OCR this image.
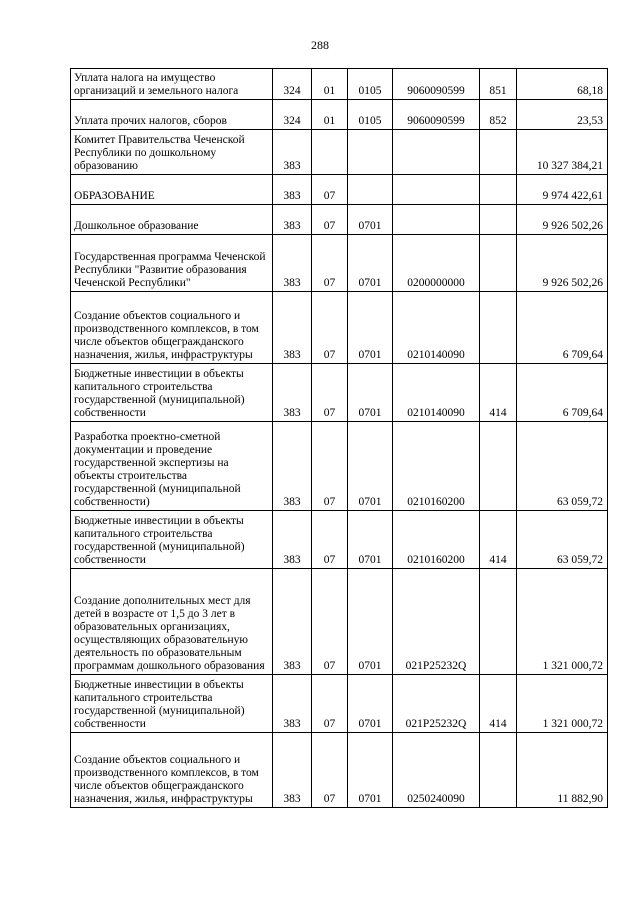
288
Уплата налога на имущество организаций и земельного налога	324	01	0105	9060090599	851	68,18
Уплата прочих налогов, сборов	324	01	0105	9060090599	852	23,53
Комитет Правительства Чеченской Республики по дошкольному образованию	383					10 327 384,21
ОБРАЗОВАНИЕ	383	07				9 974 422,61
Дошкольное образование	383	07	0701			9 926 502,26
Государственная программа Чеченской Республики "Развитие образования Чеченской Республики"	383	07	0701	0200000000		9 926 502,26
Создание объектов социального и производственного комплексов, в том числе объектов общегражданского назначения, жилья, инфраструктуры	383	07	0701	0210140090		6 709,64
Бюджетные инвестиции в объекты капитального строительства государственной (муниципальной) собственности	383	07	0701	0210140090	414	6 709,64
Разработка проектно-сметной документации и проведение государственной экспертизы на объекты строительства государственной (муниципальной собственности)	383	07	0701	0210160200		63 059,72
Бюджетные инвестиции в объекты капитального строительства государственной (муниципальной) собственности	383	07	0701	0210160200	414	63 059,72
Создание дополнительных мест для детей в возрасте от 1,5 до 3 лет в образовательных организациях, осуществляющих образовательную деятельность по образовательным программам дошкольного образования	383	07	0701	021P25232Q		1 321 000,72
Бюджетные инвестиции в объекты капитального строительства государственной (муниципальной) собственности	383	07	0701	021P25232Q	414	1 321 000,72
Создание объектов социального и производственного комплексов, в том числе объектов общегражданского назначения, жилья, инфраструктуры	383	07	0701	0250240090		11 882,90
